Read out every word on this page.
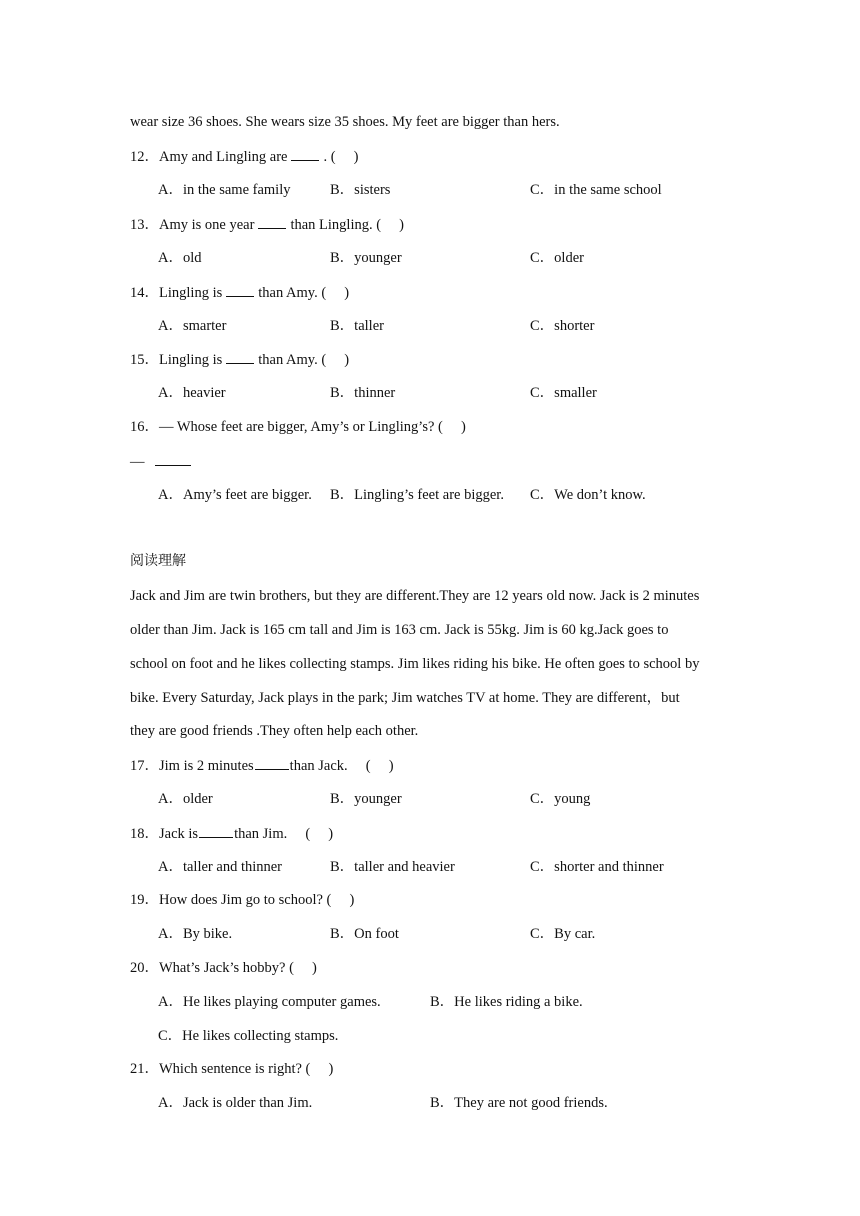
wear size 36 shoes. She wears size 35 shoes. My feet are bigger than hers.
12．Amy and Lingling are . (　 )
A．in the same family	B．sisters	C．in the same school
13．Amy is one year than Lingling. (　 )
A．old	B．younger	C．older
14．Lingling is than Amy. (　 )
A．smarter	B．taller	C．shorter
15．Lingling is than Amy. (　 )
A．heavier	B．thinner	C．smaller
16．— Whose feet are bigger, Amy’s or Lingling’s? (　 )
—
A．Amy’s feet are bigger. B．Lingling’s feet are bigger. C．We don’t know.
阅读理解
Jack and Jim are twin brothers, but they are different.They are 12 years old now. Jack is 2 minutes
older than Jim. Jack is 165 cm tall and Jim is 163 cm. Jack is 55kg. Jim is 60 kg.Jack goes to
school on foot and he likes collecting stamps. Jim likes riding his bike. He often goes to school by
bike. Every Saturday, Jack plays in the park; Jim watches TV at home. They are different，but
they are good friends .They often help each other.
17．Jim is 2 minutes than Jack.　 (　 )
A．older	B．younger	C．young
18．Jack is than Jim.　 (　 )
A．taller and thinner	B．taller and heavier	C．shorter and thinner
19．How does Jim go to school? (　 )
A．By bike.	B．On foot	C．By car.
20．What’s Jack’s hobby? (　 )
A．He likes playing computer games.	B．He likes riding a bike.
C．He likes collecting stamps.
21．Which sentence is right? (　 )
A．Jack is older than Jim.	B．They are not good friends.
